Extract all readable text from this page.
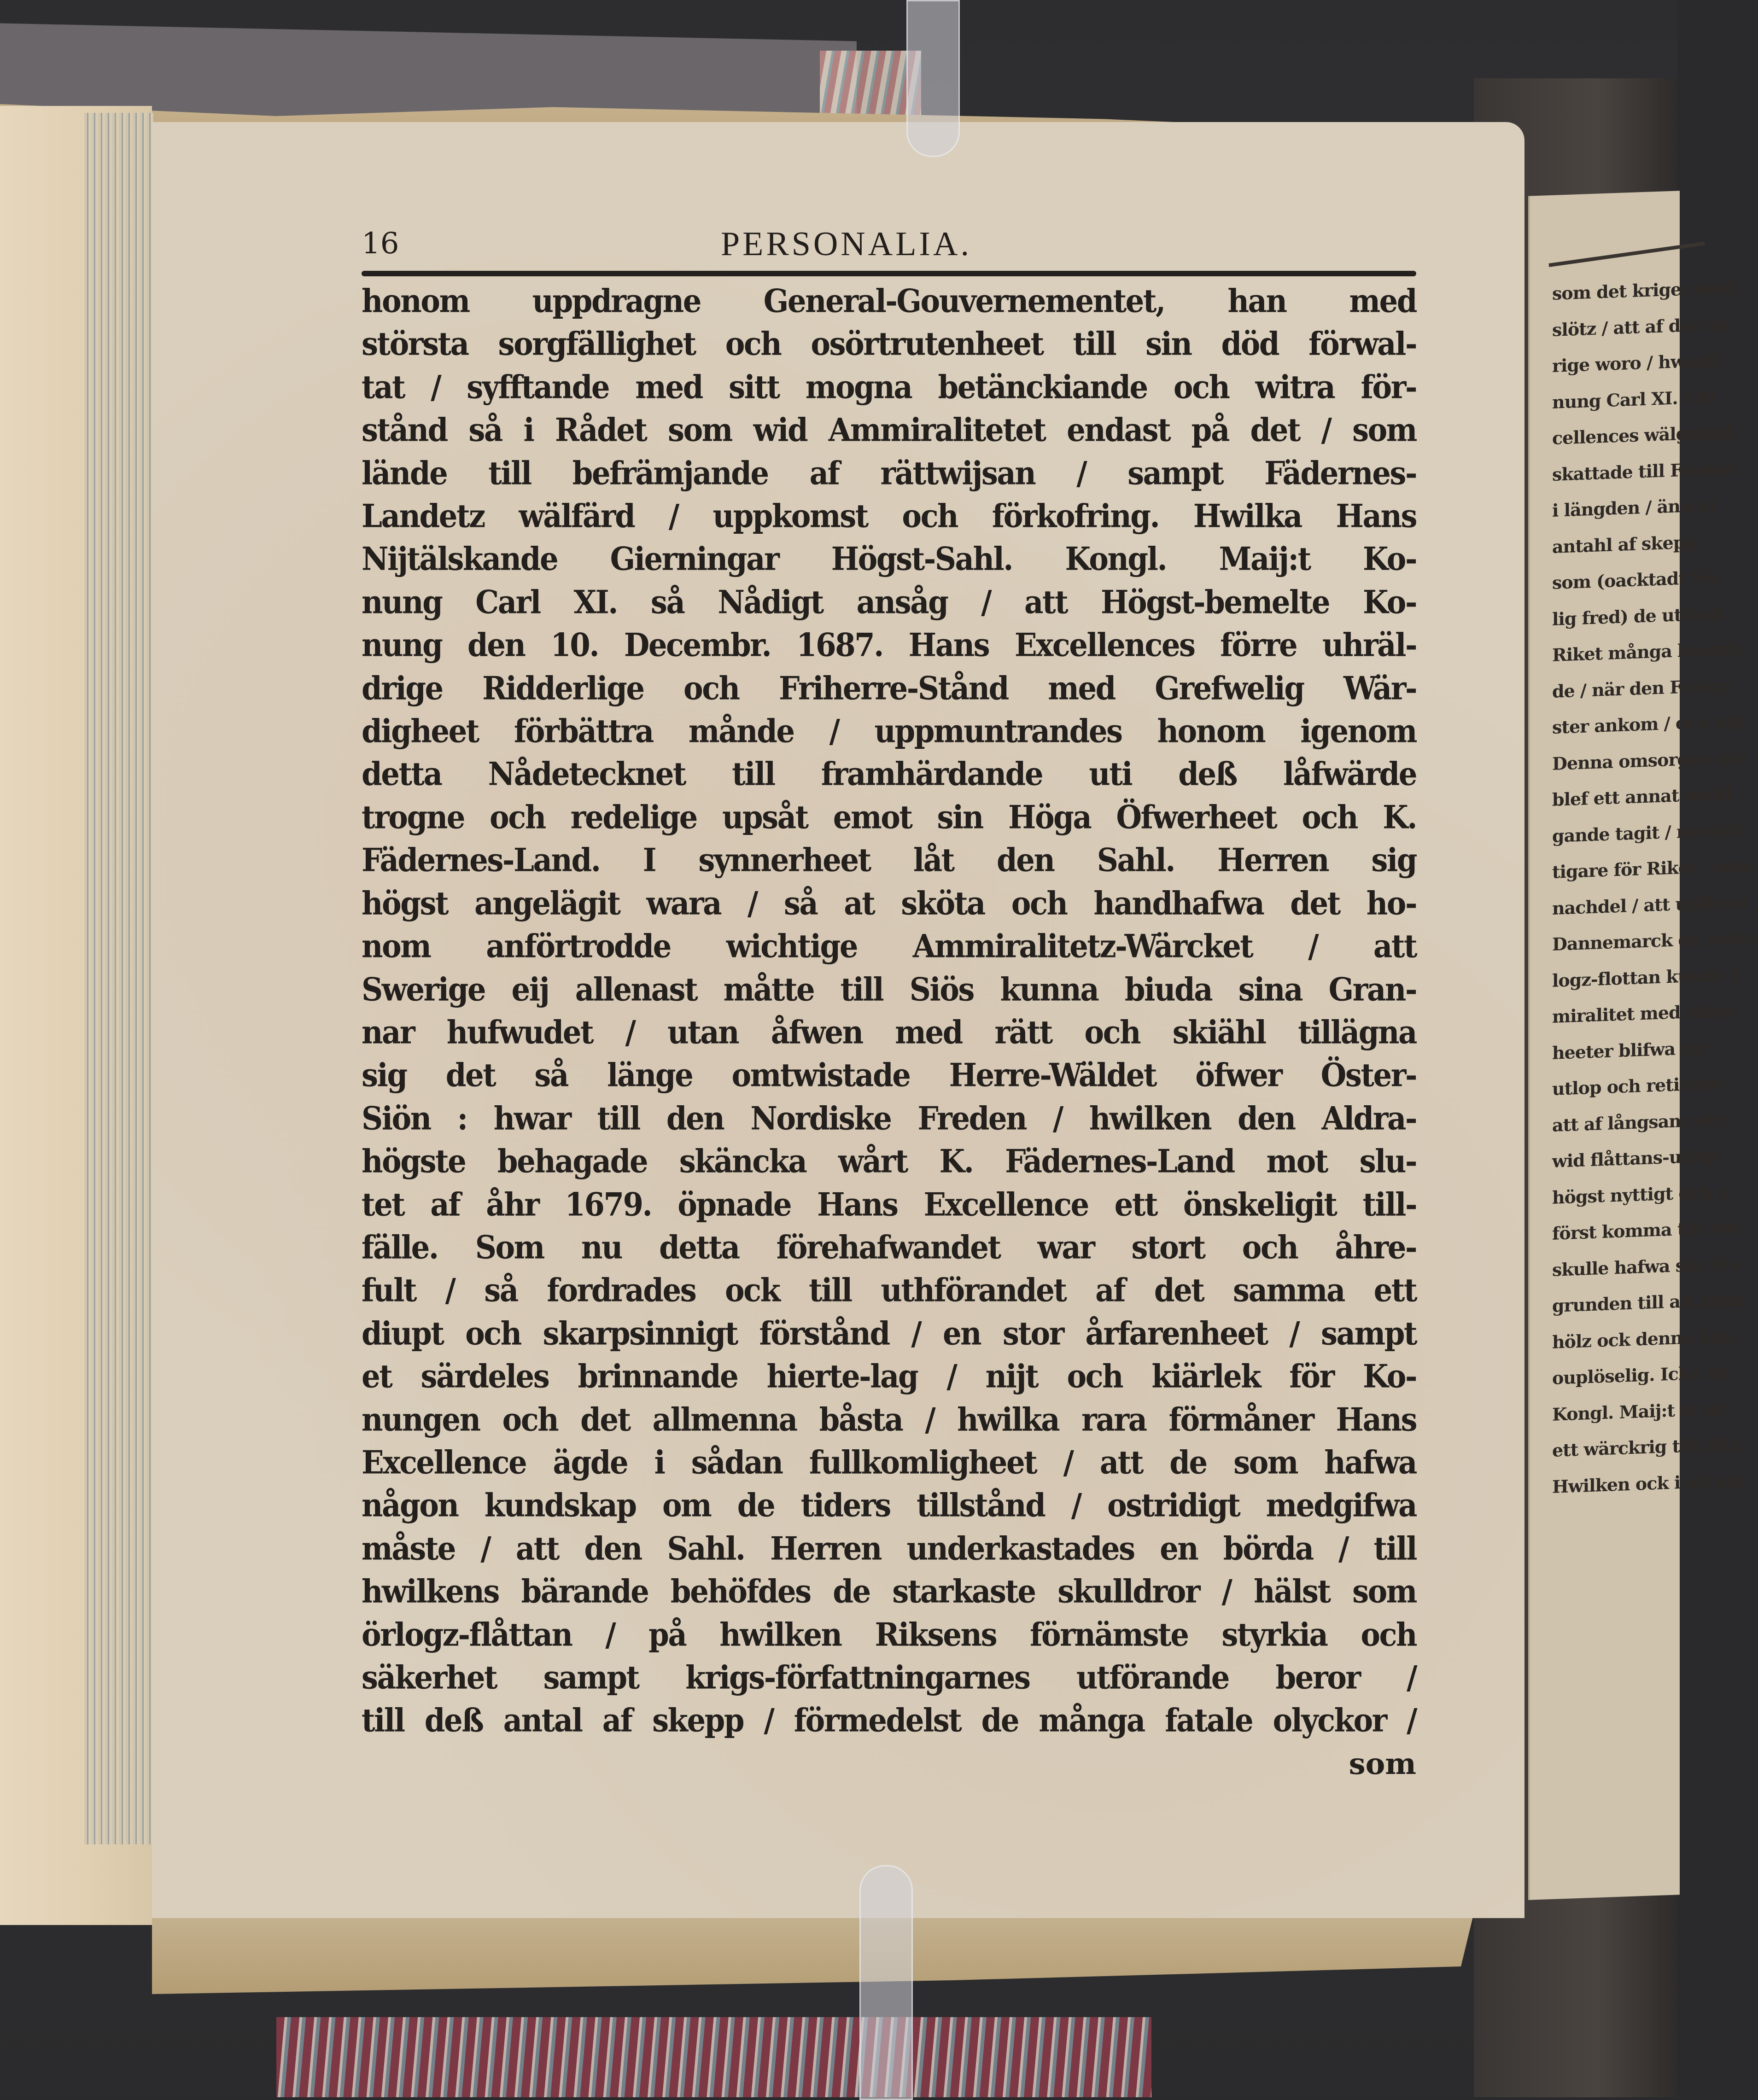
som det kriget med
slötz / att af den sa
rige woro / hwarfö
nung Carl XI. Glo
cellences wälgrund
skattade till Freden
i längden / änn at
antahl af skepp /
som (oacktadt Sw
lig fred) de utländ
Riket många beämb
de / när den Framp
ster ankom / och sig
Denna omsorgen om
blef ett annat mähl
gande tagit / nembli
tigare för Riket / sam
nachdel / att upfinna
Dannemarck en säker
logz-flottan kunde f
miralitet med skiep
heeter blifwa inr
utlop och retirade
att af långsam win
wid flåttans-utlöp
högst nyttigt och o
först komma till stu
skulle hafwa sin Sta
grunden till alt anna
hölz ock denna kun
ouplöselig. Icke de
Kongl. Maij:t at ut
ett wärckrig till affa
Hwilken ock i all sin
16	PERSONALIA.
honom uppdragne General-Gouvernementet, han med
största sorgfällighet och osörtrutenheet till sin död förwal-
tat / syfftande med sitt mogna betänckiande och witra för-
stånd så i Rådet som wid Ammiralitetet endast på det / som
lände till befrämjande af rättwijsan / sampt Fädernes-
Landetz wälfärd / uppkomst och förkofring. Hwilka Hans
Nijtälskande Gierningar Högst-Sahl. Kongl. Maij:t Ko-
nung Carl XI. så Nådigt ansåg / att Högst-bemelte Ko-
nung den 10. Decembr. 1687. Hans Excellences förre uhräl-
drige Ridderlige och Friherre-Stånd med Grefwelig Wär-
digheet förbättra månde / uppmuntrandes honom igenom
detta Nådetecknet till framhärdande uti deß låfwärde
trogne och redelige upsåt emot sin Höga Öfwerheet och K.
Fädernes-Land. I synnerheet låt den Sahl. Herren sig
högst angelägit wara / så at sköta och handhafwa det ho-
nom anförtrodde wichtige Ammiralitetz-Wärcket / att
Swerige eij allenast måtte till Siös kunna biuda sina Gran-
nar hufwudet / utan åfwen med rätt och skiähl tillägna
sig det så länge omtwistade Herre-Wäldet öfwer Öster-
Siön : hwar till den Nordiske Freden / hwilken den Aldra-
högste behagade skäncka wårt K. Fädernes-Land mot slu-
tet af åhr 1679. öpnade Hans Excellence ett önskeligit till-
fälle. Som nu detta förehafwandet war stort och åhre-
fult / så fordrades ock till uthförandet af det samma ett
diupt och skarpsinnigt förstånd / en stor årfarenheet / sampt
et särdeles brinnande hierte-lag / nijt och kiärlek för Ko-
nungen och det allmenna båsta / hwilka rara förmåner Hans
Excellence ägde i sådan fullkomligheet / att de som hafwa
någon kundskap om de tiders tillstånd / ostridigt medgifwa
måste / att den Sahl. Herren underkastades en börda / till
hwilkens bärande behöfdes de starkaste skulldror / hälst som
örlogz-flåttan / på hwilken Riksens förnämste styrkia och
säkerhet sampt krigs-författningarnes utförande beror /
till deß antal af skepp / förmedelst de många fatale olyckor /
som
